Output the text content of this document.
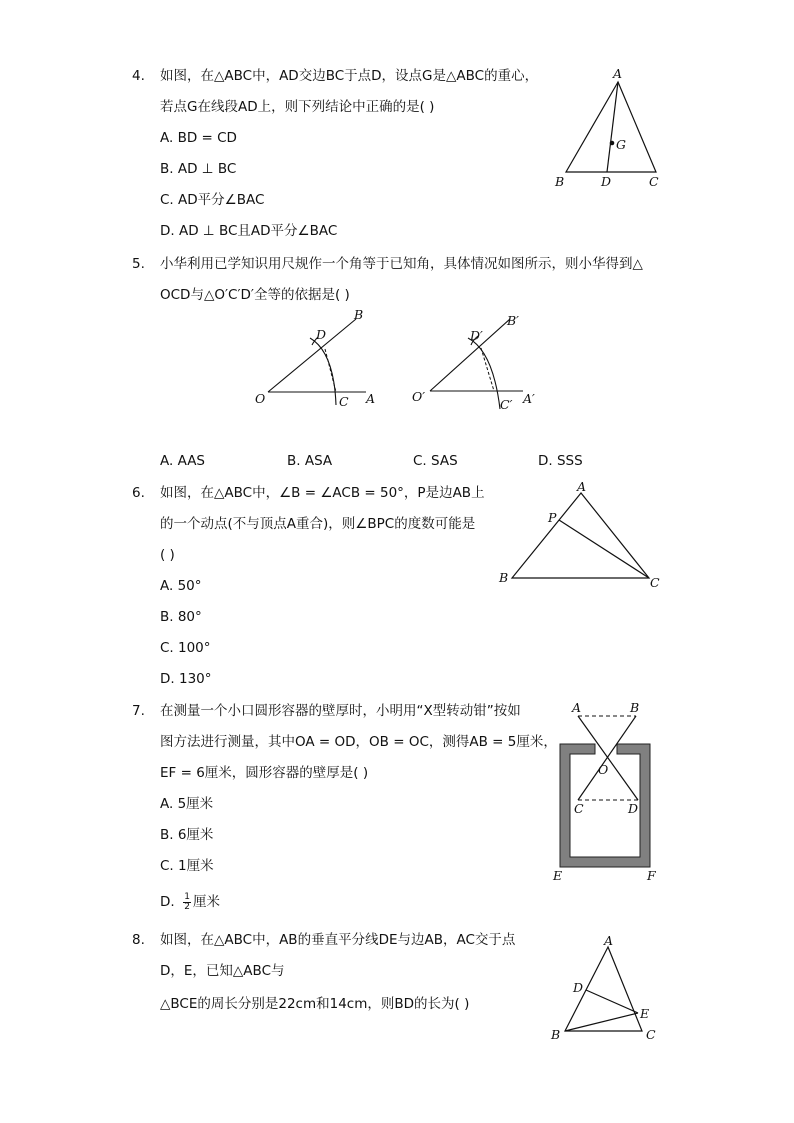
4. 如图，在△ABC中，AD交边BC于点D，设点G是△ABC的重心，
若点G在线段AD上，则下列结论中正确的是( )
A. BD = CD
B. AD ⊥ BC
C. AD平分∠BAC
D. AD ⊥ BC且AD平分∠BAC
A
G
B	D	C
5. 小华利用已学知识用尺规作一个角等于已知角，具体情况如图所示，则小华得到△
OCD与△O′C′D′全等的依据是( )
O	C A
D
B
O′
C′ A′
D′
B′
A. AAS	B. ASA	C. SAS	D. SSS
6. 如图，在△ABC中，∠B = ∠ACB = 50°，P是边AB上
的一个动点(不与顶点A重合)，则∠BPC的度数可能是
( )
A. 50°
B. 80°
C. 100°
D. 130°
A
P
B	C
7. 在测量一个小口圆形容器的壁厚时，小明用“X型转动钳”按如
图方法进行测量，其中OA = OD，OB = OC，测得AB = 5厘米，
EF = 6厘米，圆形容器的壁厚是( )
A. 5厘米
B. 6厘米
C. 1厘米
D. $\frac{1}{2}$ 厘米
A	B
O
C	D
E	F
8. 如图，在△ABC中，AB的垂直平分线DE与边AB，AC交于点
D，E，已知△ABC与
△BCE的周长分别是22cm和14cm，则BD的长为( )
A
D
E
B	C
